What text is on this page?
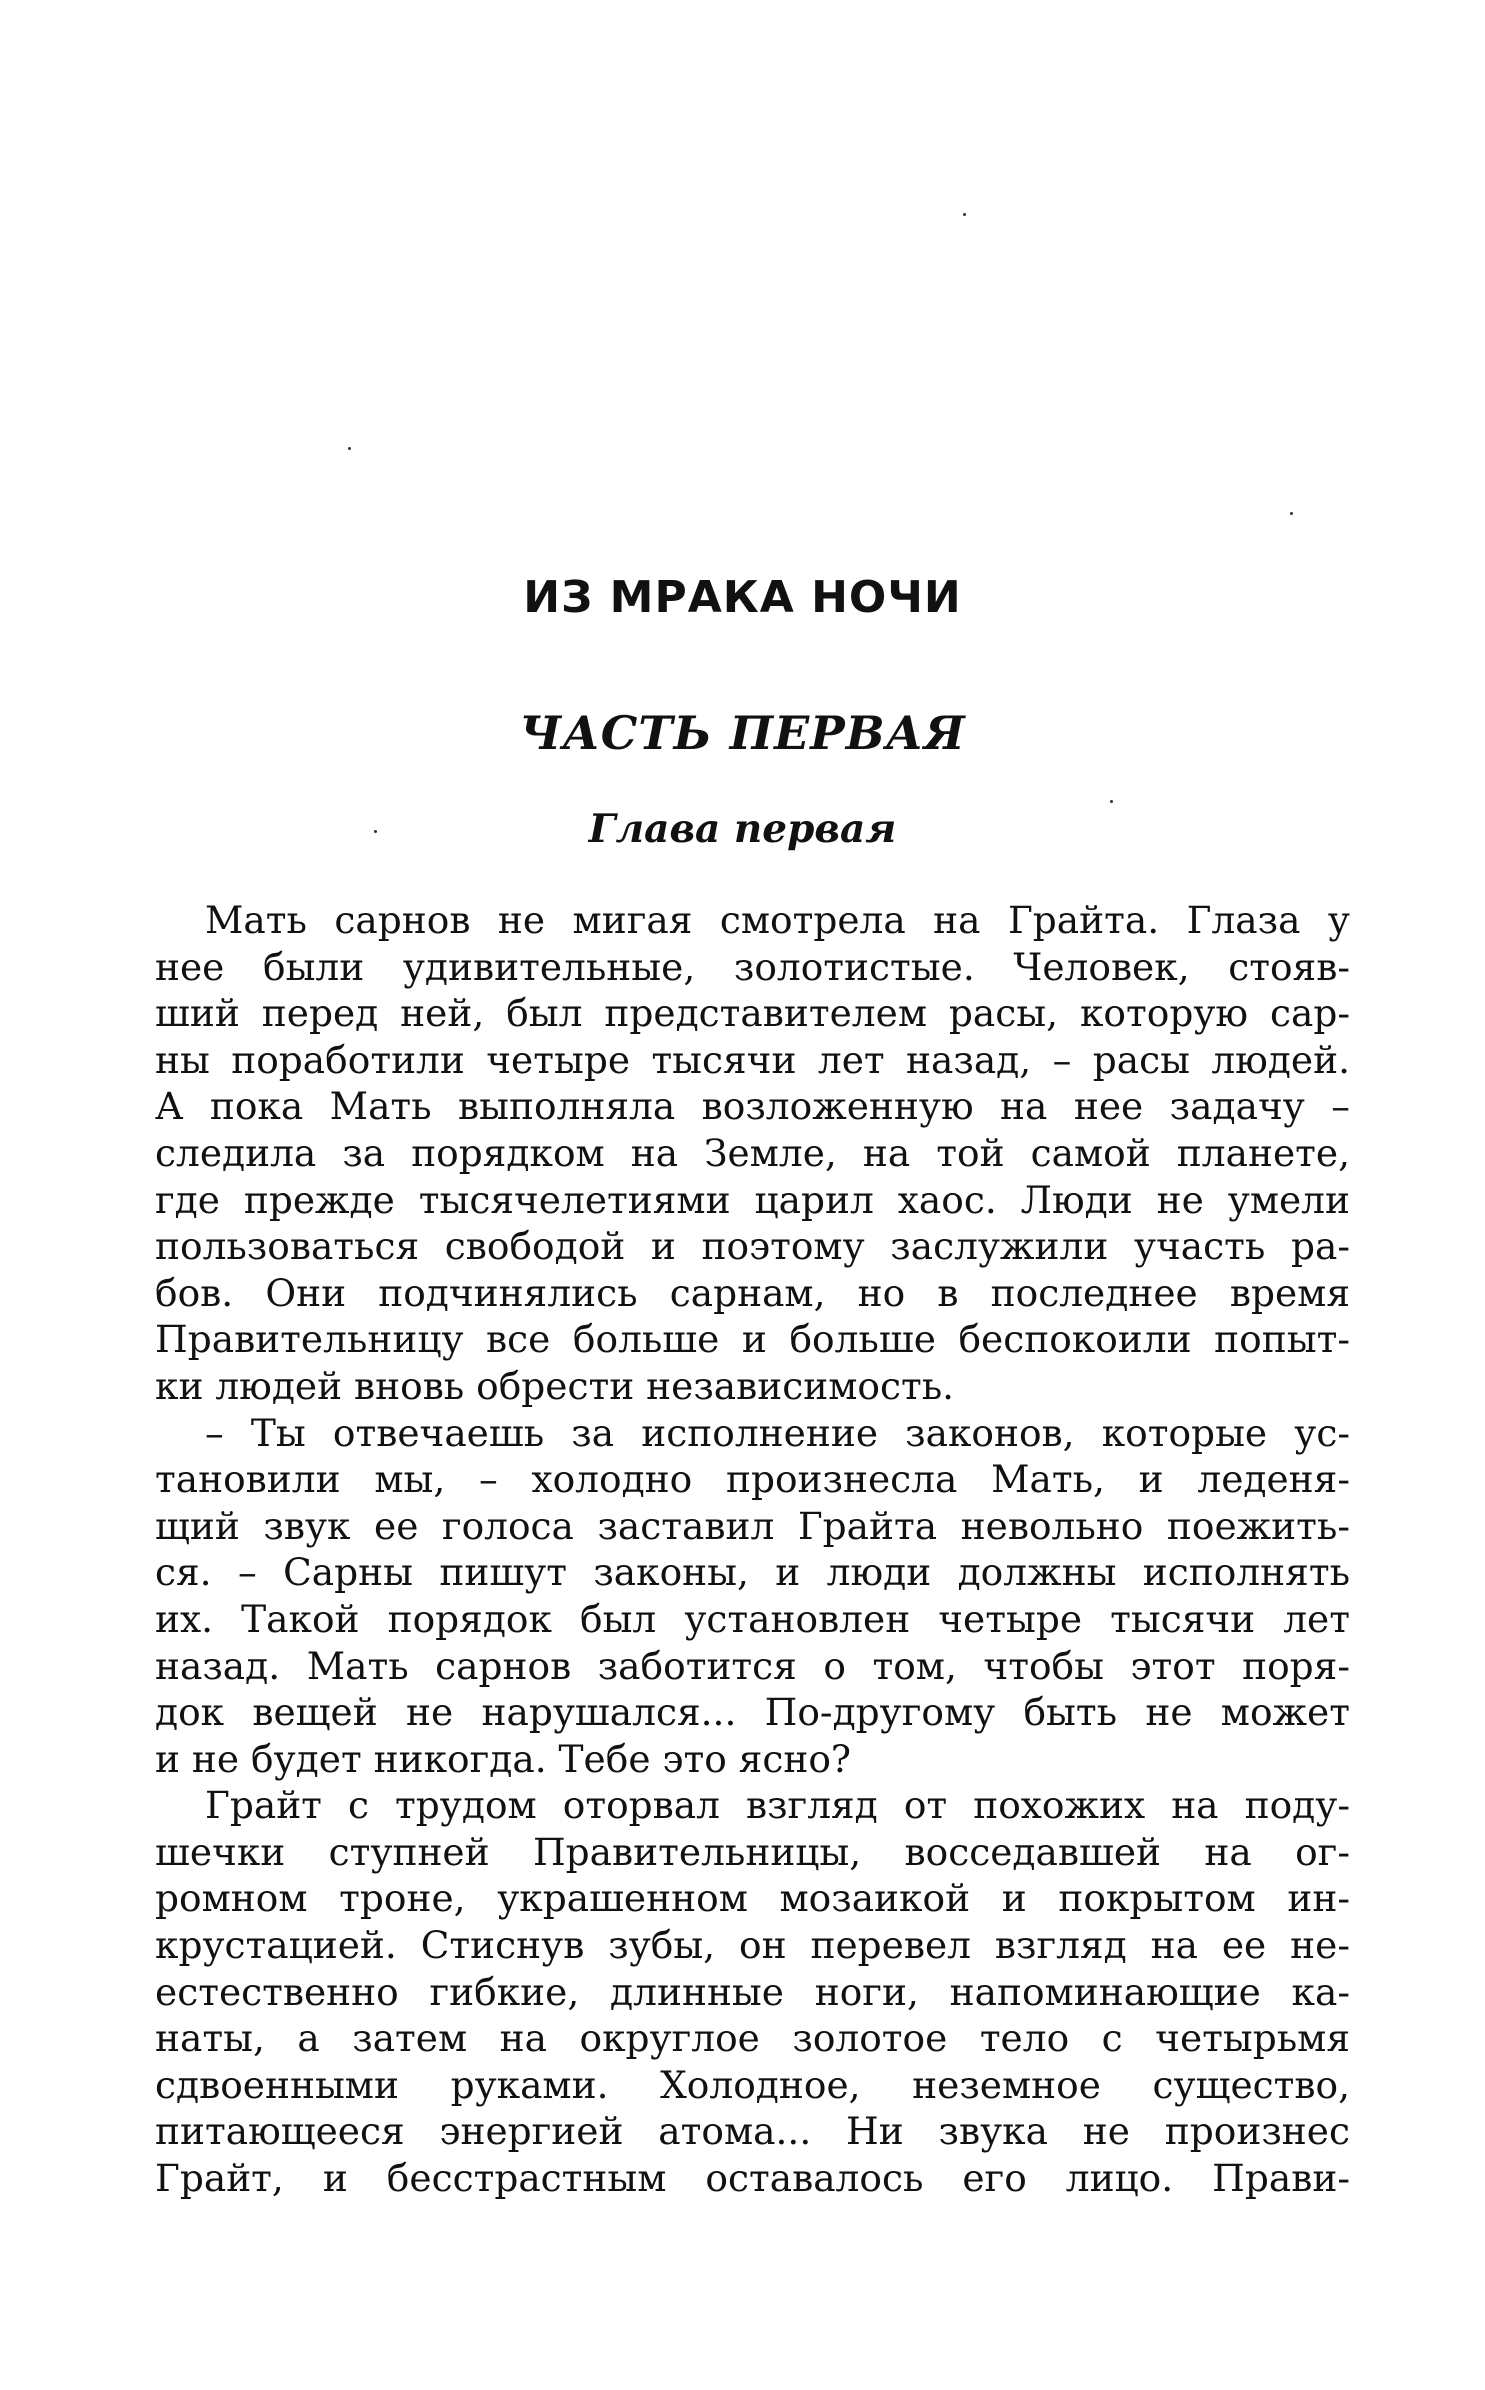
ИЗ МРАКА НОЧИ
ЧАСТЬ ПЕРВАЯ
Глава первая
Мать сарнов не мигая смотрела на Грайта. Глаза у
нее были удивительные, золотистые. Человек, стояв-
ший перед ней, был представителем расы, которую сар-
ны поработили четыре тысячи лет назад, – расы людей.
А пока Мать выполняла возложенную на нее задачу –
следила за порядком на Земле, на той самой планете,
где прежде тысячелетиями царил хаос. Люди не умели
пользоваться свободой и поэтому заслужили участь ра-
бов. Они подчинялись сарнам, но в последнее время
Правительницу все больше и больше беспокоили попыт-
ки людей вновь обрести независимость.
– Ты отвечаешь за исполнение законов, которые ус-
тановили мы, – холодно произнесла Мать, и леденя-
щий звук ее голоса заставил Грайта невольно поежить-
ся. – Сарны пишут законы, и люди должны исполнять
их. Такой порядок был установлен четыре тысячи лет
назад. Мать сарнов заботится о том, чтобы этот поря-
док вещей не нарушался... По-другому быть не может
и не будет никогда. Тебе это ясно?
Грайт с трудом оторвал взгляд от похожих на поду-
шечки ступней Правительницы, восседавшей на ог-
ромном троне, украшенном мозаикой и покрытом ин-
крустацией. Стиснув зубы, он перевел взгляд на ее не-
естественно гибкие, длинные ноги, напоминающие ка-
наты, а затем на округлое золотое тело с четырьмя
сдвоенными руками. Холодное, неземное существо,
питающееся энергией атома... Ни звука не произнес
Грайт, и бесстрастным оставалось его лицо. Прави-
